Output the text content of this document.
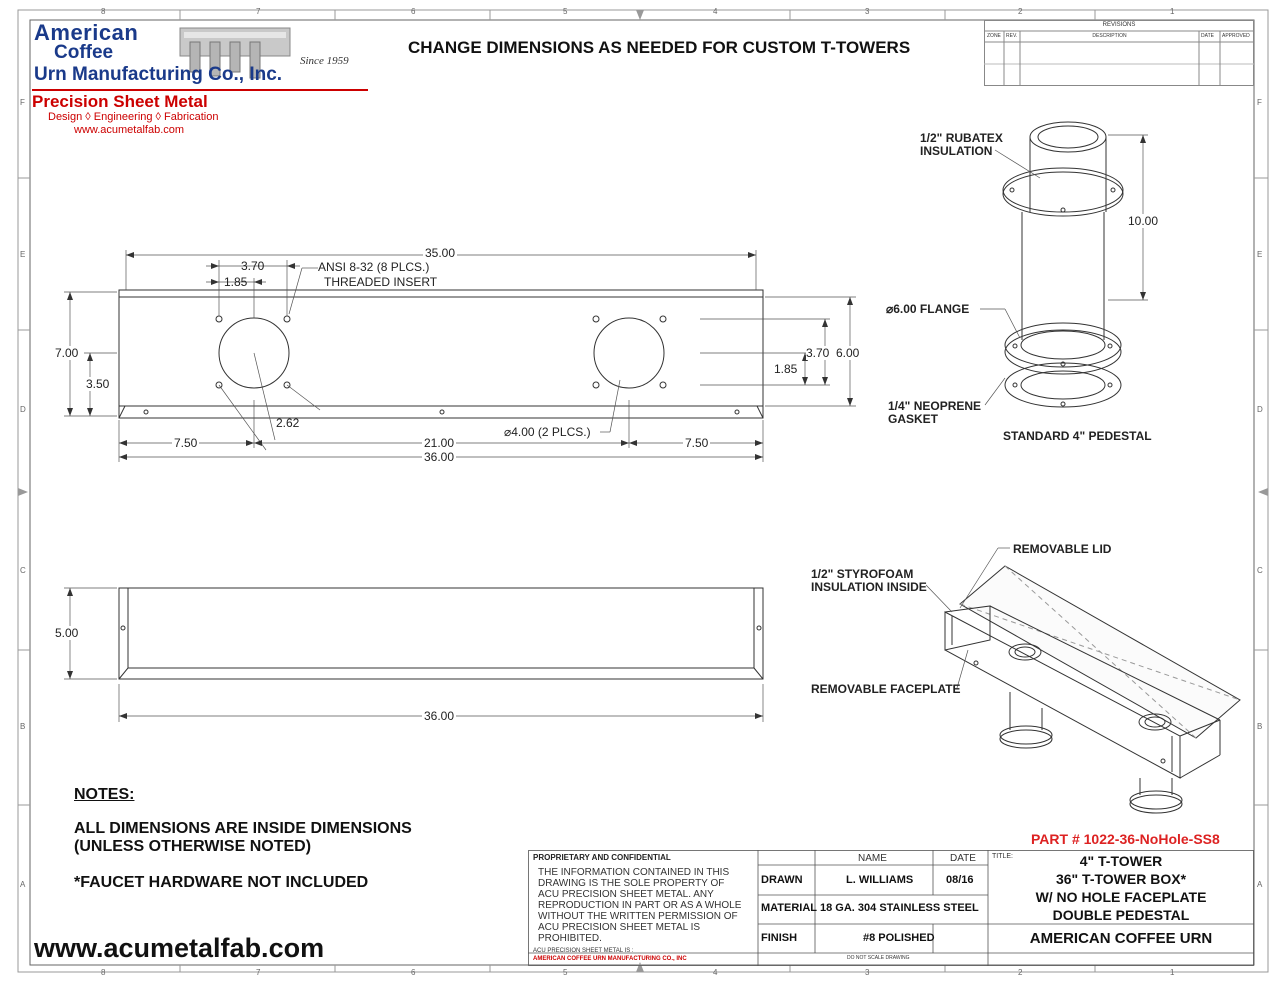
8	7	6	5	4	3	2	1
8	7	6	5	4	3	2	1
F
E
D
C
B
A
F
E
D
C
B
A
American
Coffee
Urn Manufacturing Co., Inc.
Since 1959
Precision Sheet Metal
Design ◊ Engineering ◊ Fabrication
www.acumetalfab.com
CHANGE DIMENSIONS AS NEEDED FOR CUSTOM T-TOWERS
REVISIONS
ZONE REV.	DESCRIPTION	DATE APPROVED
35.00
3.70
1.85
ANSI 8-32 (8 PLCS.)
THREADED INSERT
7.00
3.50
2.62
3.70 6.00
1.85
7.50	21.00
⌀4.00 (2 PLCS.)
7.50
36.00
5.00
36.00
1/2" RUBATEX
INSULATION
10.00
⌀6.00 FLANGE
1/4" NEOPRENE
GASKET
STANDARD 4" PEDESTAL
REMOVABLE LID
1/2" STYROFOAM
INSULATION INSIDE
REMOVABLE FACEPLATE
NOTES:
ALL DIMENSIONS ARE INSIDE DIMENSIONS
(UNLESS OTHERWISE NOTED)
*FAUCET HARDWARE NOT INCLUDED
www.acumetalfab.com
PART # 1022-36-NoHole-SS8
PROPRIETARY AND CONFIDENTIAL
THE INFORMATION CONTAINED IN THIS
DRAWING IS THE SOLE PROPERTY OF
ACU PRECISION SHEET METAL. ANY
REPRODUCTION IN PART OR AS A WHOLE
WITHOUT THE WRITTEN PERMISSION OF
ACU PRECISION SHEET METAL IS
PROHIBITED.
ACU PRECISION SHEET METAL IS :
AMERICAN COFFEE URN MANUFACTURING CO., INC
NAME	DATE TITLE:
DRAWN	L. WILLIAMS	08/16
MATERIAL 18 GA. 304 STAINLESS STEEL
FINISH	#8 POLISHED
DO NOT SCALE DRAWING
4" T-TOWER
36" T-TOWER BOX*
W/ NO HOLE FACEPLATE
DOUBLE PEDESTAL
AMERICAN COFFEE URN
